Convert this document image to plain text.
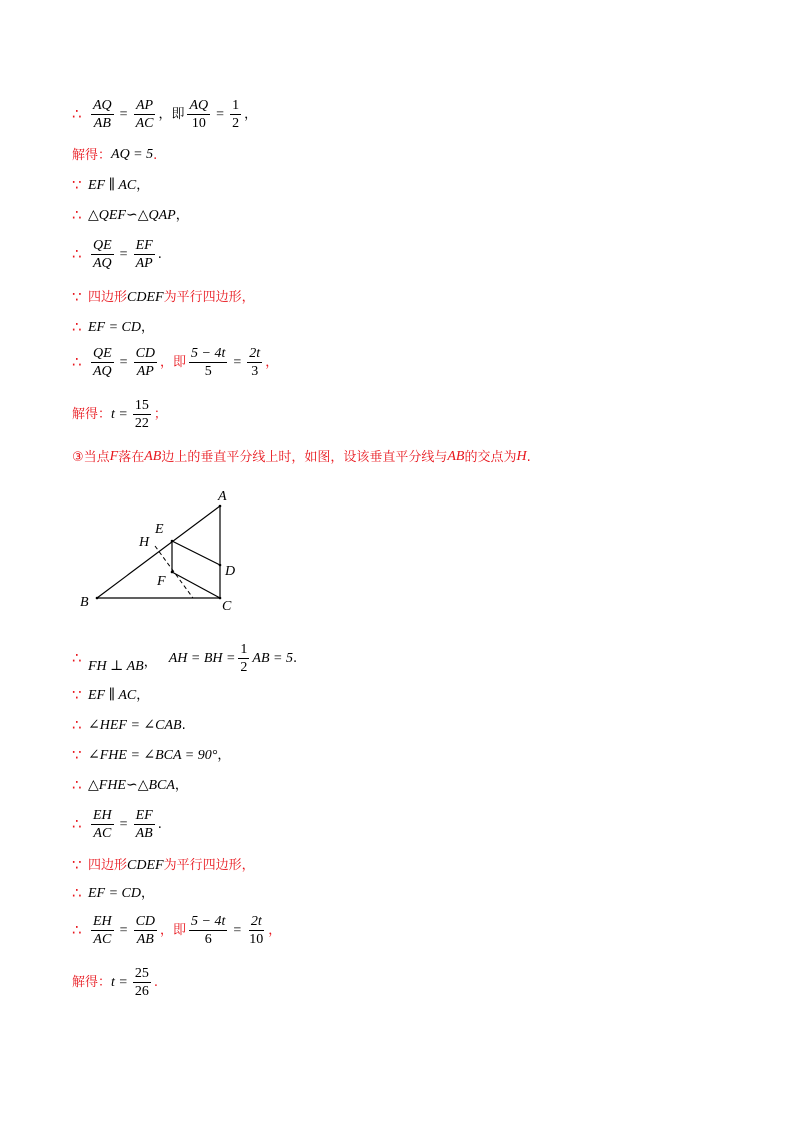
∴ $\frac{AQ}{AB} = \frac{AP}{AC}$ ，即 $\frac{AQ}{10} = \frac{1}{2}$ ，
解得： AQ = 5 .
∵ EF ∥ AC ，
∴ △QEF∽△QAP ，
∴ $\frac{QE}{AQ} = \frac{EF}{AP}$ .
∵ 四边形 CDEF 为平行四边形，
∴ EF = CD ，
∴ $\frac{QE}{AQ} = \frac{CD}{AP}$ ，即 $\frac{5 - 4t}{5} = \frac{2t}{3}$ ，
解得： $t = \frac{15}{22}$ ；
③ 当点 F 落在 AB 边上的垂直平分线上时，如图，设该垂直平分线与 AB 的交点为 H .
A
E
H
D
F
B	C
∴ FH ⊥ AB ， AH = BH = $\frac{1}{2}$ AB = 5 .
∵ EF ∥ AC ，
∴ ∠HEF = ∠CAB .
∵ ∠FHE = ∠BCA = 90° ，
∴ △FHE∽△BCA ，
∴ $\frac{EH}{AC} = \frac{EF}{AB}$ .
∵ 四边形 CDEF 为平行四边形，
∴ EF = CD ，
∴ $\frac{EH}{AC} = \frac{CD}{AB}$ ，即 $\frac{5 - 4t}{6} = \frac{2t}{10}$ ，
解得： $t = \frac{25}{26}$ .
